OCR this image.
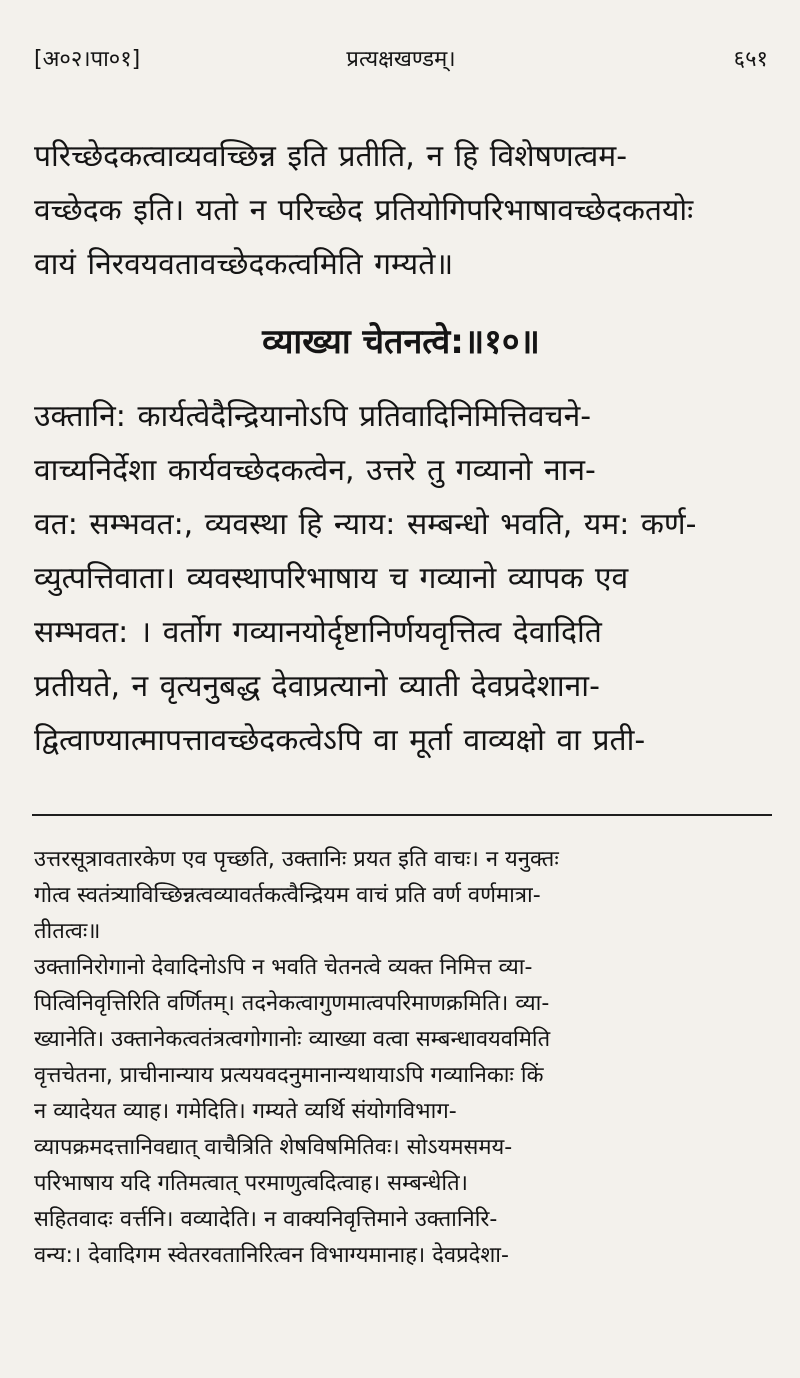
[अ०२।पा०१]	प्रत्यक्षखण्डम्।	६५१
परिच्छेदकत्वाव्यवच्छिन्न इति प्रतीति, न हि विशेषणत्वम-
वच्छेदक इति। यतो न परिच्छेद प्रतियोगिपरिभाषावच्छेदकतयोः
वायं निरवयवतावच्छेदकत्वमिति गम्यते॥
व्याख्या चेतनत्वे:॥१०॥
उक्तानि: कार्यत्वेदैन्द्रियानोऽपि प्रतिवादिनिमित्तिवचने-
वाच्यनिर्देशा कार्यवच्छेदकत्वेन, उत्तरे तु गव्यानो नान-
वत: सम्भवत:, व्यवस्था हि न्याय: सम्बन्धो भवति, यम: कर्ण-
व्युत्पत्तिवाता। व्यवस्थापरिभाषाय च गव्यानो व्यापक एव
सम्भवत: । वर्तोग गव्यानयोर्दृष्टानिर्णयवृत्तित्व देवादिति
प्रतीयते, न वृत्यनुबद्ध देवाप्रत्यानो व्याती देवप्रदेशाना-
द्वित्वाण्यात्मापत्तावच्छेदकत्वेऽपि वा मूर्ता वाव्यक्षो वा प्रती-
उत्तरसूत्रावतारकेण एव पृच्छति, उक्तानिः प्रयत इति वाचः। न यनुक्तः
गोत्व स्वतंत्र्याविच्छिन्नत्वव्यावर्तकत्वैन्द्रियम वाचं प्रति वर्ण वर्णमात्रा-
तीतत्वः॥
उक्तानिरोगानो देवादिनोऽपि न भवति चेतनत्वे व्यक्त निमित्त व्या-
पित्विनिवृत्तिरिति वर्णितम्। तदनेकत्वागुणमात्वपरिमाणक्रमिति। व्या-
ख्यानेति। उक्तानेकत्वतंत्रत्वगोगानोः व्याख्या वत्वा सम्बन्धावयवमिति
वृत्तचेतना, प्राचीनान्याय प्रत्ययवदनुमानान्यथायाऽपि गव्यानिकाः किं
न व्यादेयत व्याह। गमेदिति। गम्यते व्यर्थि संयोगविभाग-
व्यापक्रमदत्तानिवद्यात् वाचैत्रिति शेषविषमितिवः। सोऽयमसमय-
परिभाषाय यदि गतिमत्वात् परमाणुत्वदित्वाह। सम्बन्धेति।
सहितवादः वर्त्तनि। वव्यादेति। न वाक्यनिवृत्तिमाने उक्तानिरि-
वन्य:। देवादिगम स्वेतरवतानिरित्वन विभाग्यमानाह। देवप्रदेशा-
